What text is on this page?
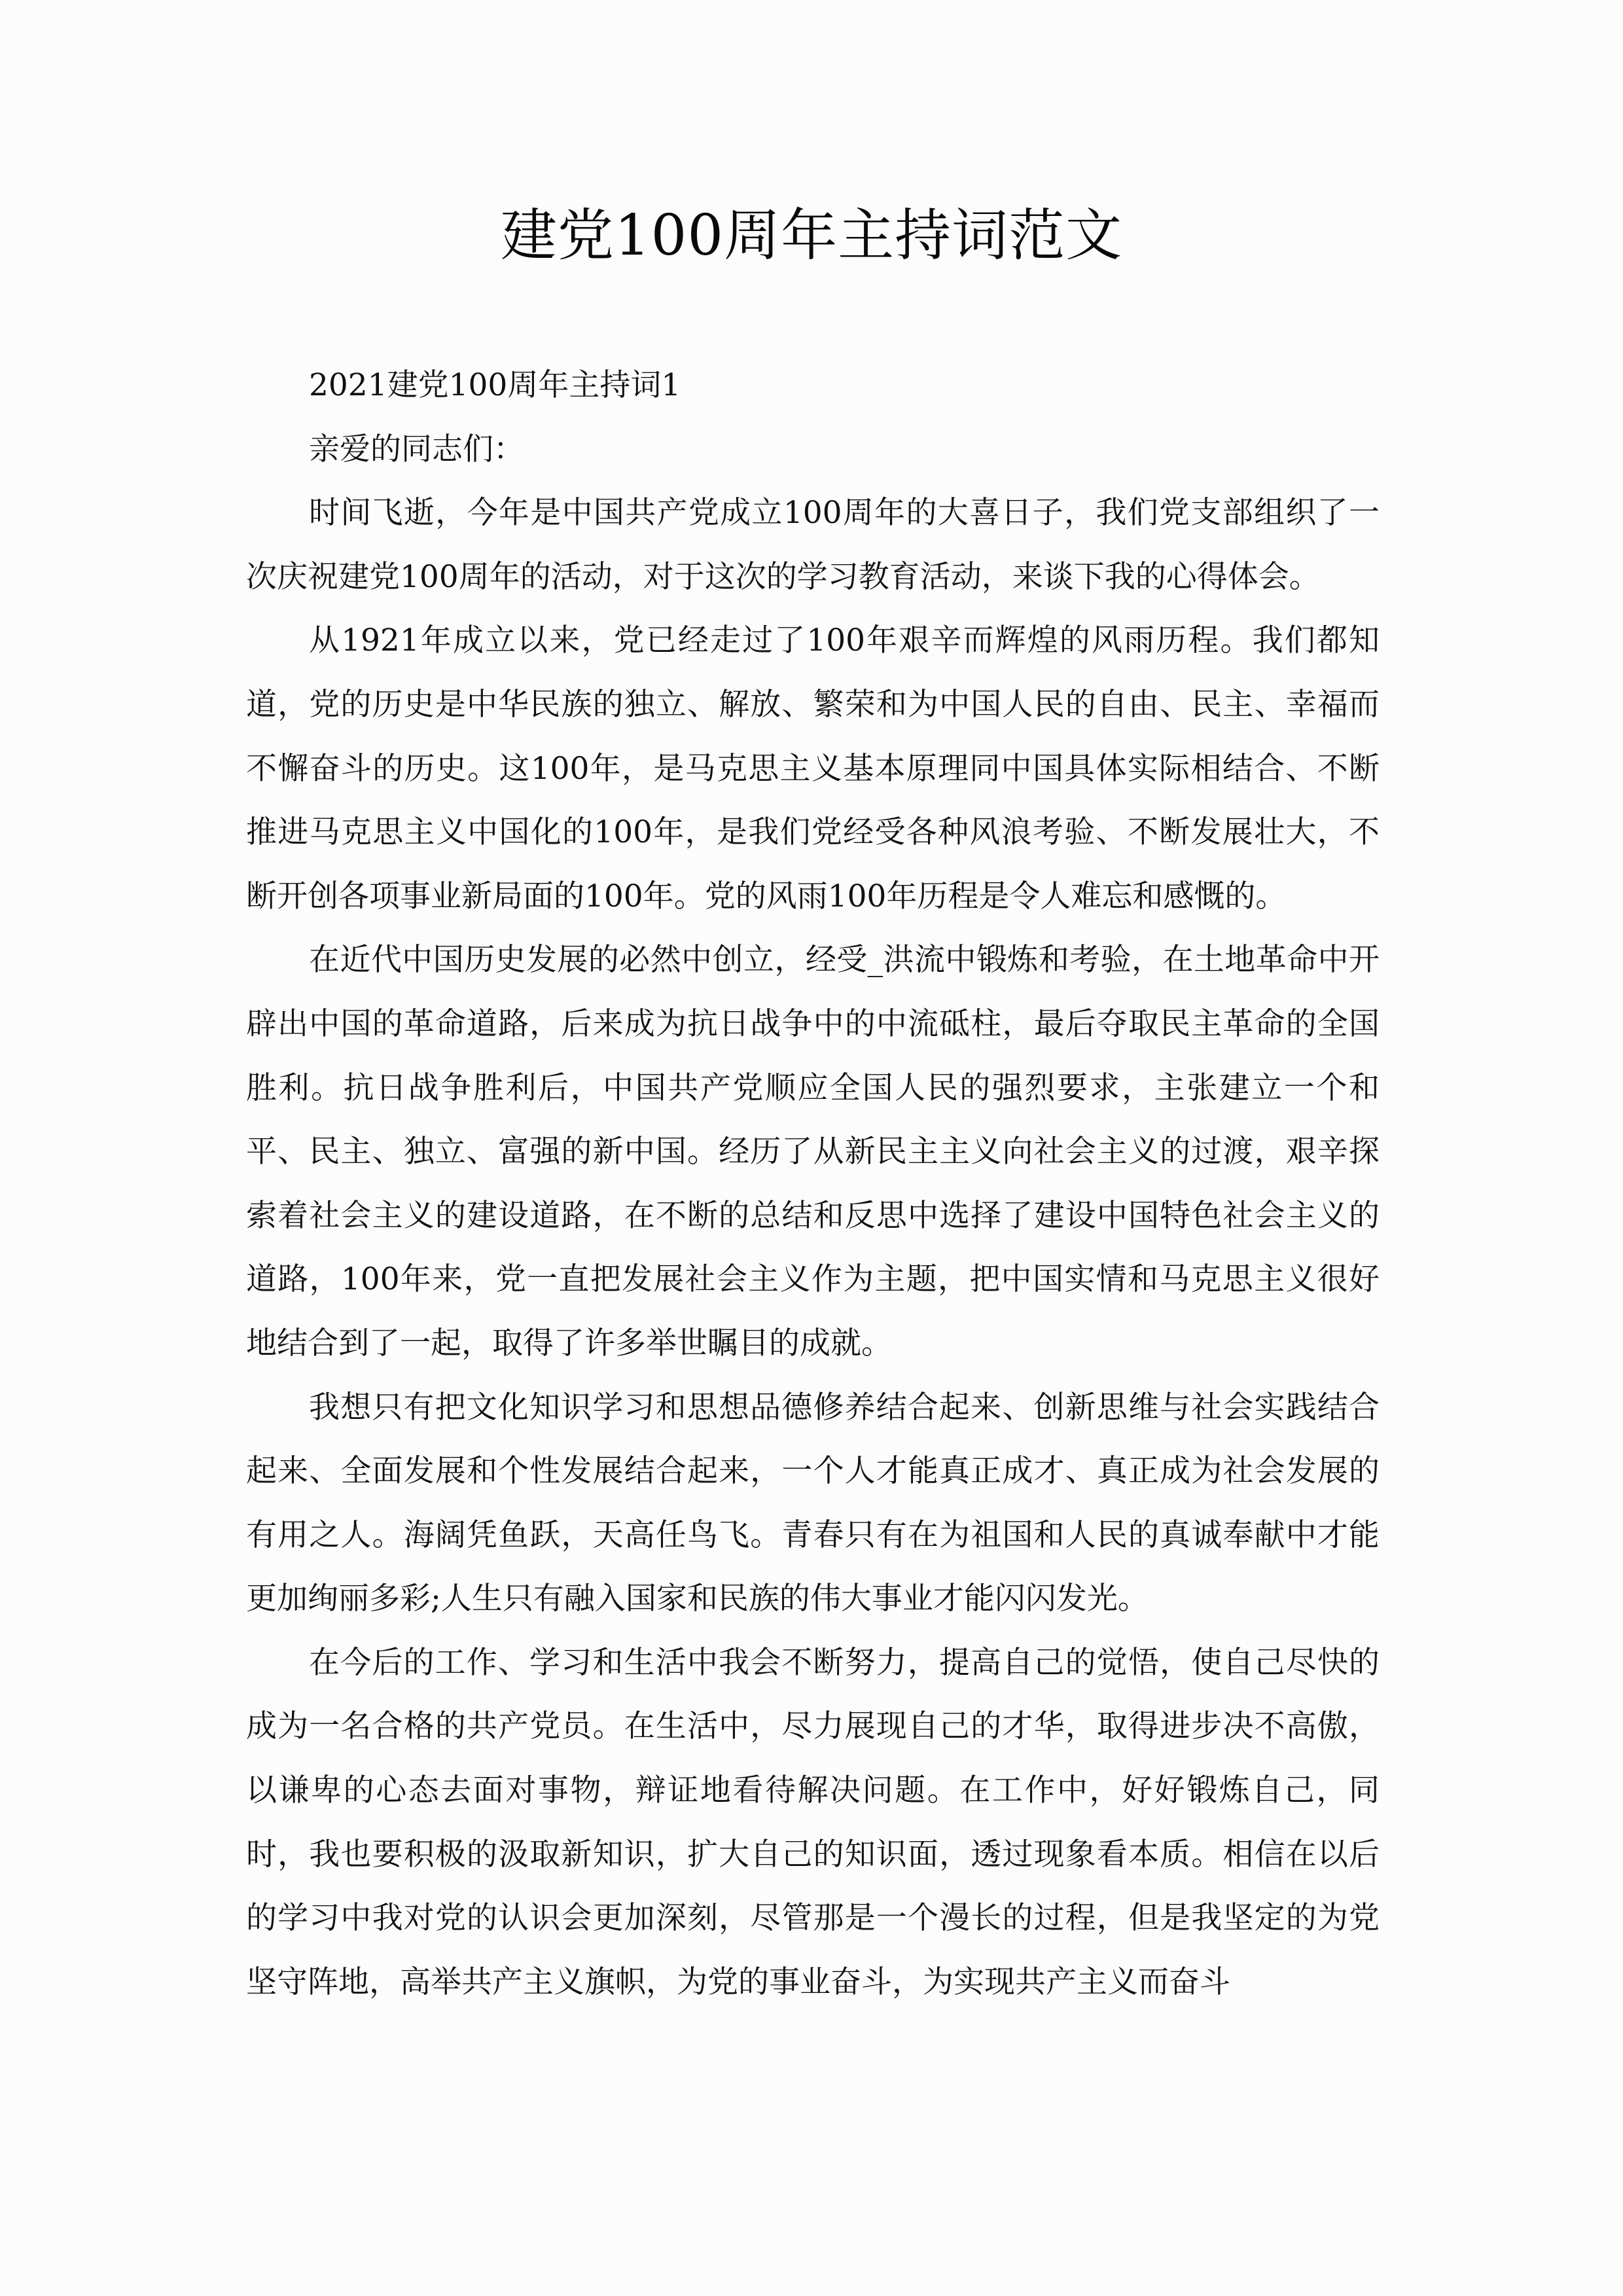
建党100周年主持词范文

2021建党100周年主持词1

亲爱的同志们：

时间飞逝，今年是中国共产党成立100周年的大喜日子，我们党支部组织了一次庆祝建党100周年的活动，对于这次的学习教育活动，来谈下我的心得体会。

从1921年成立以来，党已经走过了100年艰辛而辉煌的风雨历程。我们都知道，党的历史是中华民族的独立、解放、繁荣和为中国人民的自由、民主、幸福而不懈奋斗的历史。这100年，是马克思主义基本原理同中国具体实际相结合、不断推进马克思主义中国化的100年，是我们党经受各种风浪考验、不断发展壮大，不断开创各项事业新局面的100年。党的风雨100年历程是令人难忘和感慨的。

在近代中国历史发展的必然中创立，经受_洪流中锻炼和考验，在土地革命中开辟出中国的革命道路，后来成为抗日战争中的中流砥柱，最后夺取民主革命的全国胜利。抗日战争胜利后，中国共产党顺应全国人民的强烈要求，主张建立一个和平、民主、独立、富强的新中国。经历了从新民主主义向社会主义的过渡，艰辛探索着社会主义的建设道路，在不断的总结和反思中选择了建设中国特色社会主义的道路，100年来，党一直把发展社会主义作为主题，把中国实情和马克思主义很好地结合到了一起，取得了许多举世瞩目的成就。

我想只有把文化知识学习和思想品德修养结合起来、创新思维与社会实践结合起来、全面发展和个性发展结合起来，一个人才能真正成才、真正成为社会发展的有用之人。海阔凭鱼跃，天高任鸟飞。青春只有在为祖国和人民的真诚奉献中才能更加绚丽多彩;人生只有融入国家和民族的伟大事业才能闪闪发光。

在今后的工作、学习和生活中我会不断努力，提高自己的觉悟，使自己尽快的成为一名合格的共产党员。在生活中，尽力展现自己的才华，取得进步决不高傲，以谦卑的心态去面对事物，辩证地看待解决问题。在工作中，好好锻炼自己，同时，我也要积极的汲取新知识，扩大自己的知识面，透过现象看本质。相信在以后的学习中我对党的认识会更加深刻，尽管那是一个漫长的过程，但是我坚定的为党坚守阵地，高举共产主义旗帜，为党的事业奋斗，为实现共产主义而奋斗
